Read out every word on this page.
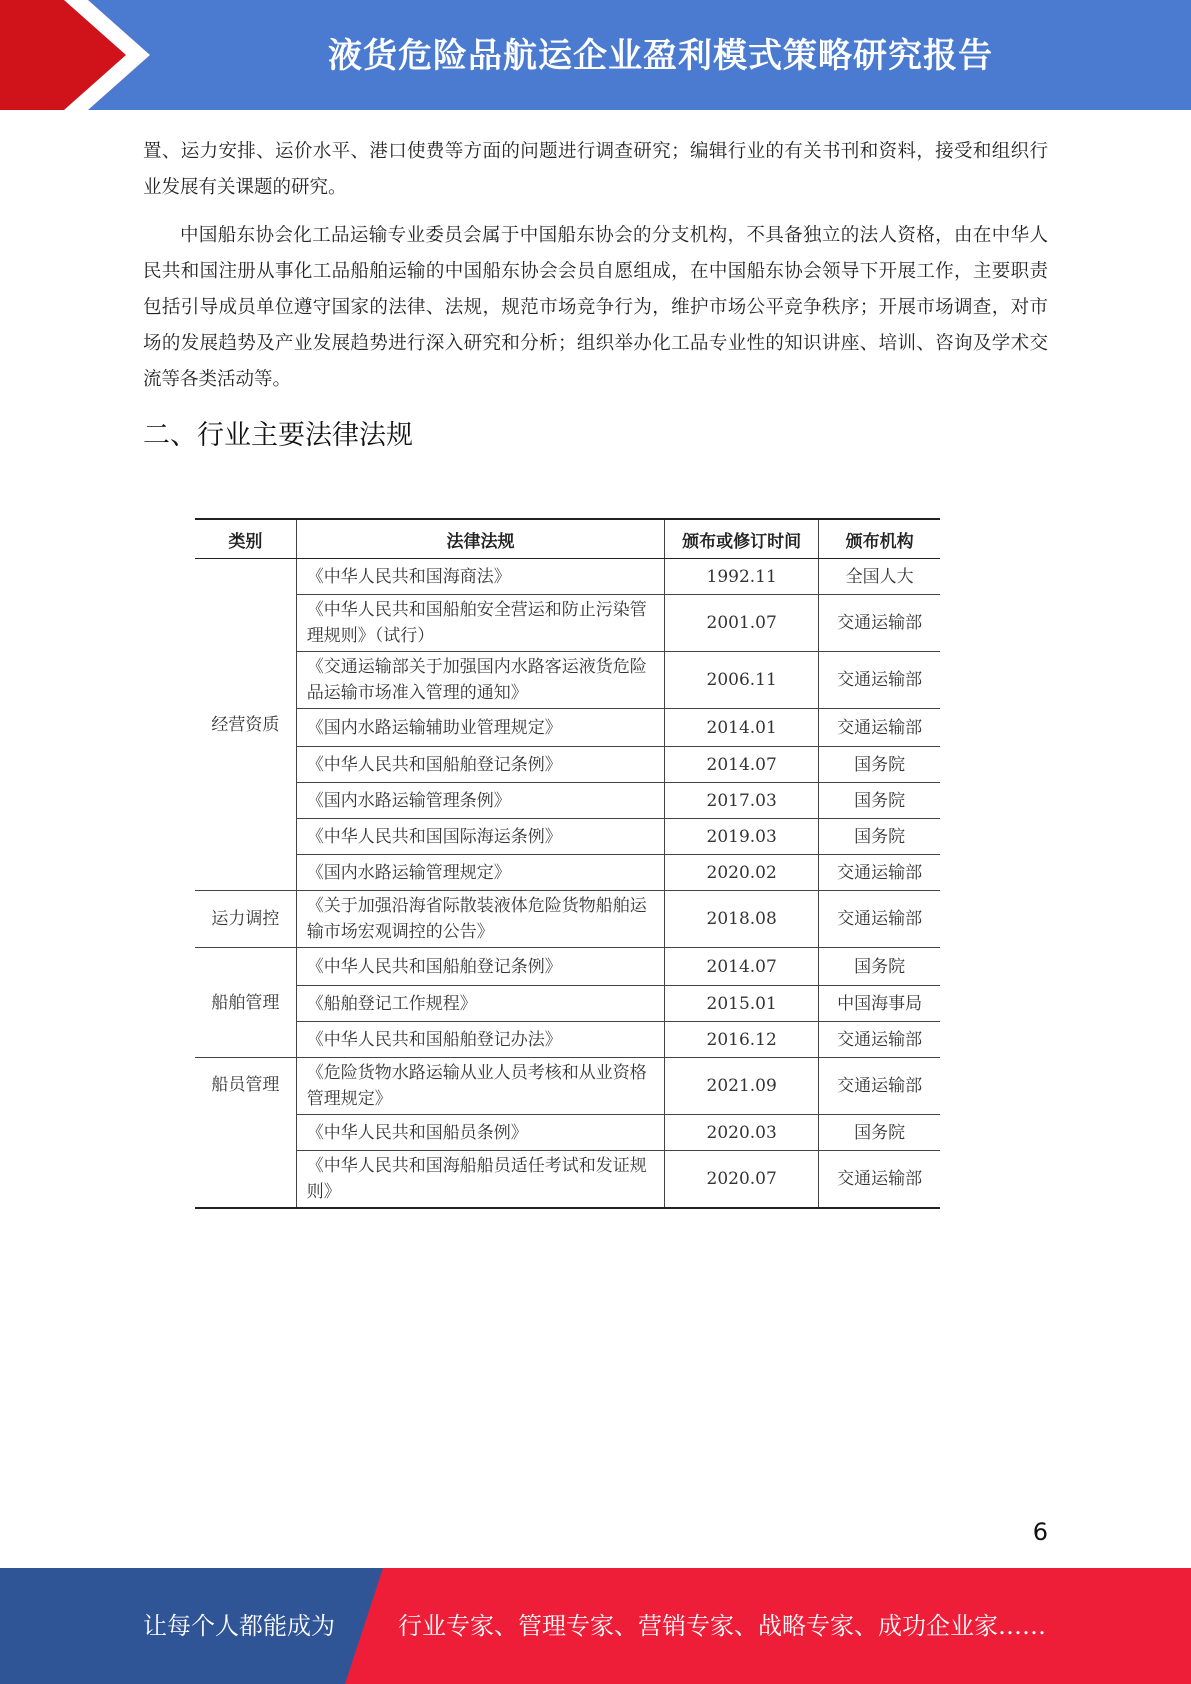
液货危险品航运企业盈利模式策略研究报告

置、运力安排、运价水平、港口使费等方面的问题进行调查研究；编辑行业的有关书刊和资料，接受和组织行业发展有关课题的研究。

中国船东协会化工品运输专业委员会属于中国船东协会的分支机构，不具备独立的法人资格，由在中华人民共和国注册从事化工品船舶运输的中国船东协会会员自愿组成，在中国船东协会领导下开展工作，主要职责包括引导成员单位遵守国家的法律、法规，规范市场竞争行为，维护市场公平竞争秩序；开展市场调查，对市场的发展趋势及产业发展趋势进行深入研究和分析；组织举办化工品专业性的知识讲座、培训、咨询及学术交流等各类活动等。

二、行业主要法律法规
类别	法律法规	颁布或修订时间	颁布机构
经营资质	《中华人民共和国海商法》	1992.11	全国人大
	《中华人民共和国船舶安全营运和防止污染管理规则》（试行）	2001.07	交通运输部
	《交通运输部关于加强国内水路客运液货危险品运输市场准入管理的通知》	2006.11	交通运输部
	《国内水路运输辅助业管理规定》	2014.01	交通运输部
	《中华人民共和国船舶登记条例》	2014.07	国务院
	《国内水路运输管理条例》	2017.03	国务院
	《中华人民共和国国际海运条例》	2019.03	国务院
	《国内水路运输管理规定》	2020.02	交通运输部
运力调控	《关于加强沿海省际散装液体危险货物船舶运输市场宏观调控的公告》	2018.08	交通运输部
船舶管理	《中华人民共和国船舶登记条例》	2014.07	国务院
	《船舶登记工作规程》	2015.01	中国海事局
	《中华人民共和国船舶登记办法》	2016.12	交通运输部
船员管理	《危险货物水路运输从业人员考核和从业资格管理规定》	2021.09	交通运输部
	《中华人民共和国船员条例》	2020.03	国务院
	《中华人民共和国海船船员适任考试和发证规则》	2020.07	交通运输部
6
让每个人都能成为	行业专家、管理专家、营销专家、战略专家、成功企业家……
